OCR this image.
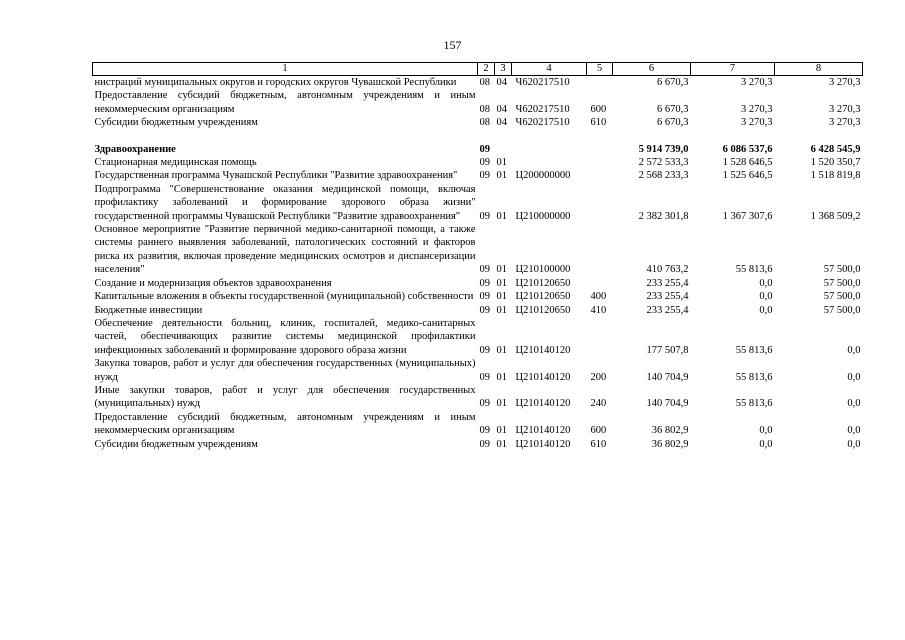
157
1	2	3	4	5	6	7	8
нистраций муниципальных округов и городских округов Чувашской Республики	08	04	Ч620217510		6 670,3	3 270,3	3 270,3
Предоставление субсидий бюджетным, автономным учреждениям и иным некоммерческим организациям	08	04	Ч620217510	600	6 670,3	3 270,3	3 270,3
Субсидии бюджетным учреждениям	08	04	Ч620217510	610	6 670,3	3 270,3	3 270,3

Здравоохранение	09				5 914 739,0	6 086 537,6	6 428 545,9
Стационарная медицинская помощь	09	01			2 572 533,3	1 528 646,5	1 520 350,7
Государственная программа Чувашской Республики "Развитие здравоохранения"	09	01	Ц200000000		2 568 233,3	1 525 646,5	1 518 819,8
Подпрограмма "Совершенствование оказания медицинской помощи, включая профилактику заболеваний и формирование здорового образа жизни" государственной программы Чувашской Республики "Развитие здравоохранения"	09	01	Ц210000000		2 382 301,8	1 367 307,6	1 368 509,2
Основное мероприятие "Развитие первичной медико-санитарной помощи, а также системы раннего выявления заболеваний, патологических состояний и факторов риска их развития, включая проведение медицинских осмотров и диспансеризации населения"	09	01	Ц210100000		410 763,2	55 813,6	57 500,0
Создание и модернизация объектов здравоохранения	09	01	Ц210120650		233 255,4	0,0	57 500,0
Капитальные вложения в объекты государственной (муниципальной) собственности	09	01	Ц210120650	400	233 255,4	0,0	57 500,0
Бюджетные инвестиции	09	01	Ц210120650	410	233 255,4	0,0	57 500,0
Обеспечение деятельности больниц, клиник, госпиталей, медико-санитарных частей, обеспечивающих развитие системы медицинской профилактики инфекционных заболеваний и формирование здорового образа жизни	09	01	Ц210140120		177 507,8	55 813,6	0,0
Закупка товаров, работ и услуг для обеспечения государственных (муниципальных) нужд	09	01	Ц210140120	200	140 704,9	55 813,6	0,0
Иные закупки товаров, работ и услуг для обеспечения государственных (муниципальных) нужд	09	01	Ц210140120	240	140 704,9	55 813,6	0,0
Предоставление субсидий бюджетным, автономным учреждениям и иным некоммерческим организациям	09	01	Ц210140120	600	36 802,9	0,0	0,0
Субсидии бюджетным учреждениям	09	01	Ц210140120	610	36 802,9	0,0	0,0
